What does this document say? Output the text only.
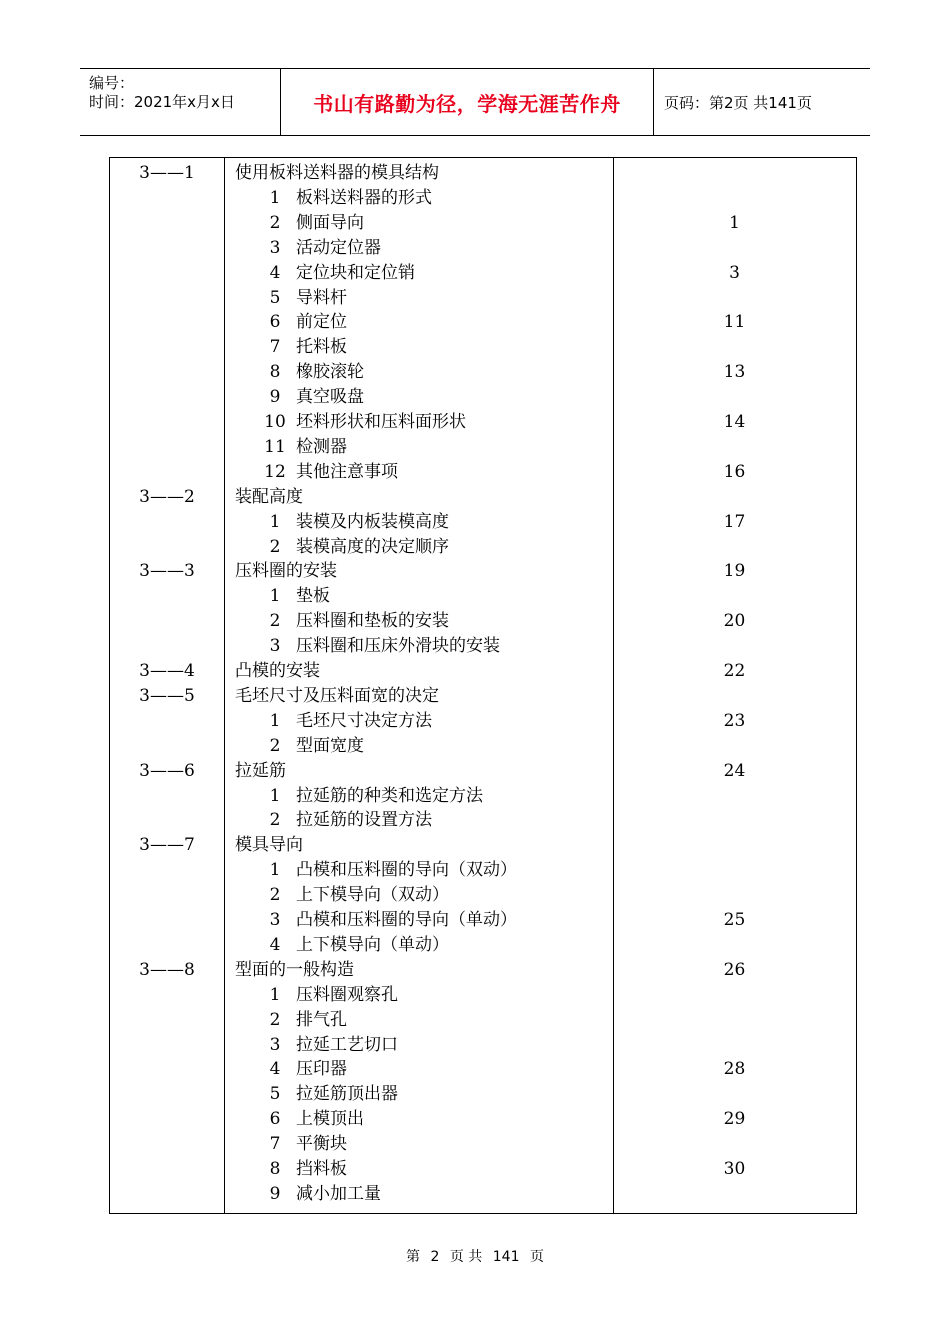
编号：
时间：2021年x月x日	书山有路勤为径，学海无涯苦作舟	页码：第2页 共141页
3——1	使用板料送料器的模具结构
1 板料送料器的形式
2 侧面导向	1
3 活动定位器
4 定位块和定位销	3
5 导料杆
6 前定位	11
7 托料板
8 橡胶滚轮	13
9 真空吸盘
10 坯料形状和压料面形状	14
11 检测器
12 其他注意事项	16
3——2	装配高度
1 装模及内板装模高度	17
2 装模高度的决定顺序
3——3	压料圈的安装	19
1 垫板
2 压料圈和垫板的安装	20
3 压料圈和压床外滑块的安装
3——4	凸模的安装	22
3——5	毛坯尺寸及压料面宽的决定
1 毛坯尺寸决定方法	23
2 型面宽度
3——6	拉延筋	24
1 拉延筋的种类和选定方法
2 拉延筋的设置方法
3——7	模具导向
1 凸模和压料圈的导向（双动）
2 上下模导向（双动）
3 凸模和压料圈的导向（单动）	25
4 上下模导向（单动）
3——8	型面的一般构造	26
1 压料圈观察孔
2 排气孔
3 拉延工艺切口
4 压印器	28
5 拉延筋顶出器
6 上模顶出	29
7 平衡块
8 挡料板	30
9 减小加工量
第 2 页 共 141 页
